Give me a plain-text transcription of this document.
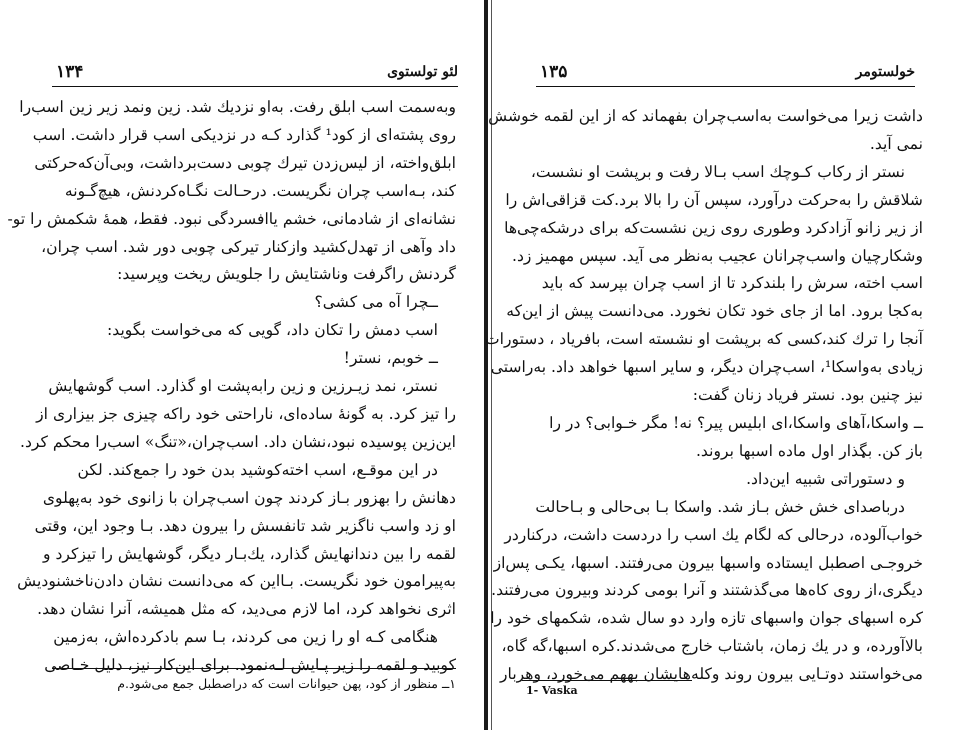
لئو تولستوی
۱۳۴
وبه‌سمت اسب ابلق رفت. به‌او نزدیك شد. زین ونمد زیر زین اسب‌را
روی پشته‌ای از کود¹ گذارد کـه در نزدیکی اسب قرار داشت. اسب
ابلق‌واخته، از لیس‌زدن تیرك چوبی دست‌برداشت، وبی‌آن‌که‌حرکتی
کند، بـه‌اسب چران نگریست. درحـالت نگـاه‌کردنش، هیچ‌گـونه
نشانه‌ای از شادمانی، خشم یاافسردگی نبود. فقط، همهٔ شکمش را تو-
داد وآهی از تهدل‌کشید وازکنار تیرکی چوبی دور شد. اسب چران،
گردنش راگرفت وناشتایش را جلویش ریخت وپرسید:
ــچرا آه می کشی؟
اسب دمش را تکان داد، گویی که می‌خواست بگوید:
ــ خوبم، نستر!
نستر، نمد زیـرزین و زین رابه‌پشت او گذارد. اسب گوشهایش
را تیز کرد. به گونهٔ ساده‌ای، ناراحتی خود راکه چیزی جز بیزاری از
این‌زین پوسیده نبود،نشان داد. اسب‌چران،«تنگ» اسب‌را محکم کرد.
در این موقـع، اسب اخته‌کوشید بدن خود را جمع‌کند. لکن
دهانش را بهزور بـاز کردند چون اسب‌چران با زانوی خود به‌پهلوی
او زد واسب ناگزیر شد تانفسش را بیرون دهد. بـا وجود این، وقتی
لقمه را بین دندانهایش گذارد، یك‌بـار دیگر، گوشهایش را تیزکرد و
به‌پیرامون خود نگریست. بـااین که می‌دانست نشان دادن‌ناخشنودیش
اثری نخواهد کرد، اما لازم می‌دید، که مثل همیشه، آنرا نشان دهد.
هنگامی کـه او را زین می کردند، بـا سم بادکرده‌اش، به‌زمین
کوبید و لقمه را زیر پـایش لـه‌نمود. برای این‌کار نیز، دلیل خـاصی
۱ــ منظور از کود، پهن حیوانات است که دراصطبل جمع می‌شود.م
خولستومر
۱۳۵
داشت زیرا می‌خواست به‌اسب‌چران بفهماند که از این لقمه خوشش
نمی آید.
نستر از رکاب کـوچك اسب بـالا رفت و برپشت او نشست،
شلاقش را به‌حرکت درآورد، سپس آن را بالا برد.کت قزاقی‌اش را
از زیر زانو آزادکرد وطوری روی زین نشست‌که برای درشکه‌چی‌ها
وشکارچیان واسب‌چرانان عجیب به‌نظر می آید. سپس مهمیز زد.
اسب اخته، سرش را بلندکرد تا از اسب چران بپرسد که باید
به‌کجا برود. اما از جای خود تکان نخورد. می‌دانست پیش از این‌که
آنجا را ترك کند،کسی که برپشت او نشسته است، بافریاد ، دستورات
زیادی به‌واسکا¹، اسب‌چران دیگر، و سایر اسبها خواهد داد. به‌راستی
نیز چنین بود. نستر فریاد زنان گفت:
ــ واسکا،آهای واسکا،ای ابلیس پیر؟ نه! مگر خـوابی؟ در را
باز کن. بگذار اول ماده اسبها بروند.
و دستوراتی شبیه این‌داد.
درباصدای خش خش بـاز شد. واسکا بـا بی‌حالی و بـاحالت
خواب‌آلوده، درحالی که لگام یك اسب را دردست داشت، درکناردر
خروجـی اصطبل ایستاده واسبها بیرون می‌رفتند. اسبها، یکـی پس‌از
دیگری،از روی کاه‌ها می‌گذشتند و آنرا بومی کردند وبیرون می‌رفتند.
کره اسبهای جوان واسبهای تازه وارد دو سال شده، شکمهای خود را
بالاآورده، و در یك زمان، باشتاب خارج می‌شدند.کره اسبها،گه گاه،
می‌خواستند دوتـایی بیرون روند وکله‌هایشان بههم می‌خورد، وهربار
1- Vaska
